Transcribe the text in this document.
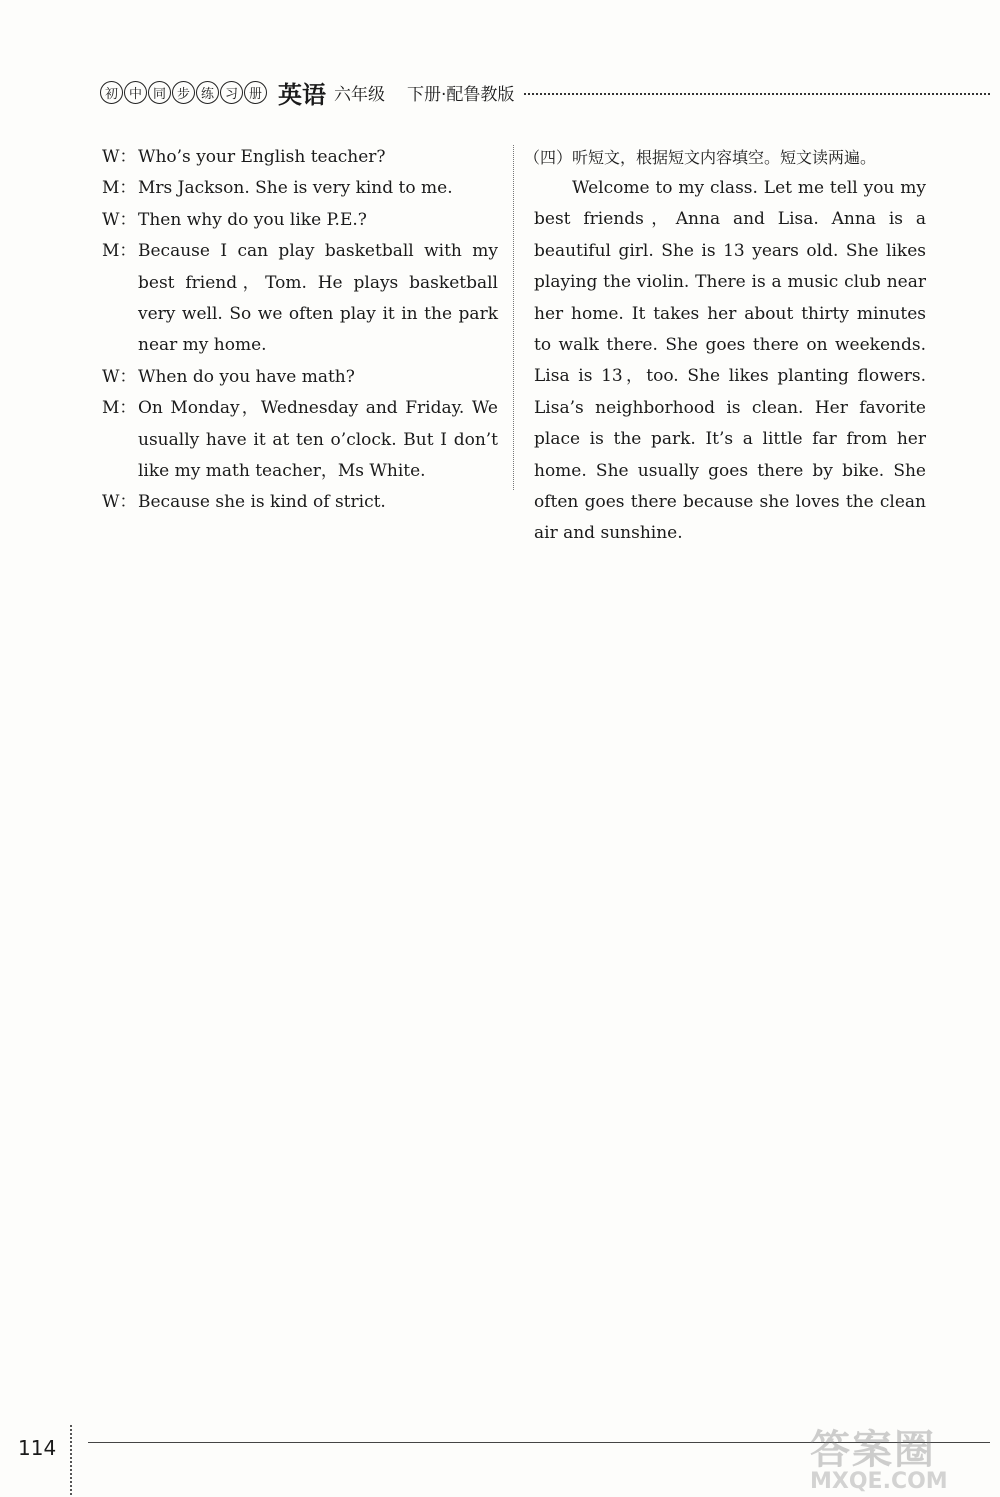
初 中 同 步 练 习 册 英语 六年级 下册·配鲁教版
W： Who’s your English teacher?
M： Mrs Jackson. She is very kind to me.
W： Then why do you like P.E.?
M： Because I can play basketball with my best friend，Tom. He plays basketball very well. So we often play it in the park near my home.
W： When do you have math?
M： On Monday，Wednesday and Friday. We usually have it at ten o’clock. But I don’t like my math teacher，Ms White.
W： Because she is kind of strict.
（四）听短文，根据短文内容填空。短文读两遍。

Welcome to my class. Let me tell you my best friends，Anna and Lisa. Anna is a beautiful girl. She is 13 years old. She likes playing the violin. There is a music club near her home. It takes her about thirty minutes to walk there. She goes there on weekends. Lisa is 13，too. She likes planting flowers. Lisa’s neighborhood is clean. Her favorite place is the park. It’s a little far from her home. She usually goes there by bike. She often goes there because she loves the clean air and sunshine.

114	答案圈
MXQE.COM
